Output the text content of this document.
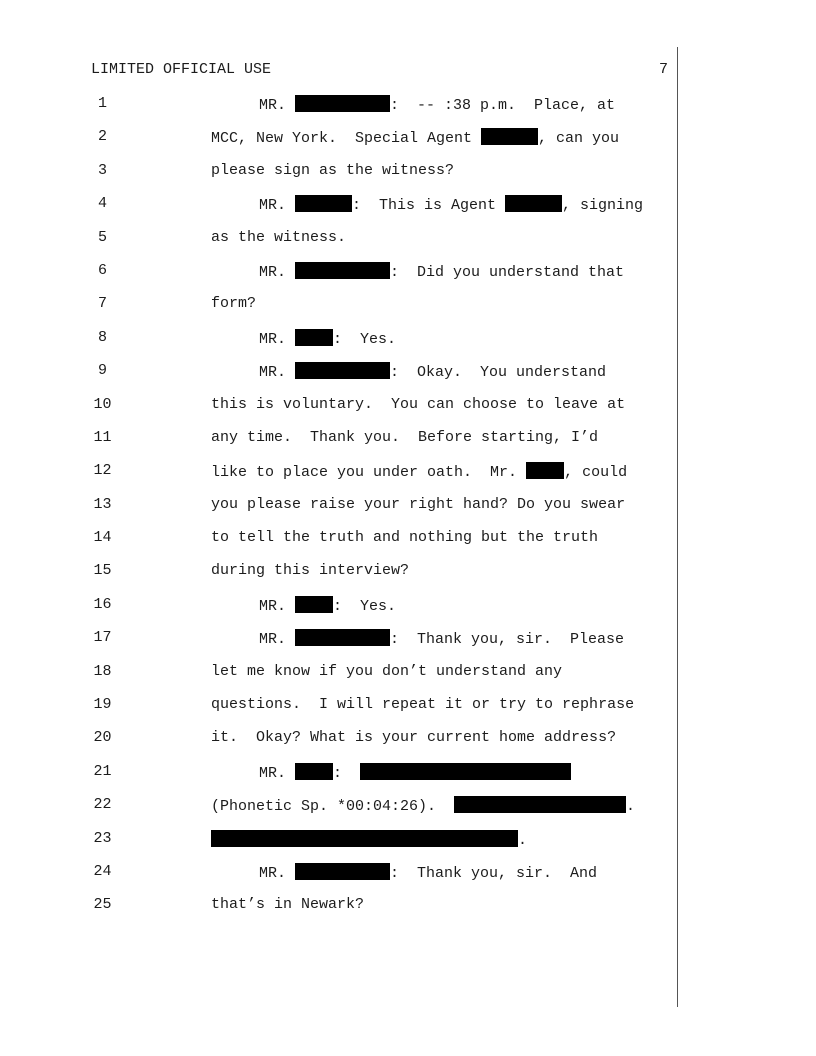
LIMITED OFFICIAL USE	7
1	MR.	:  -- :38 p.m.  Place, at
2	MCC, New York.  Special Agent	, can you
3	please sign as the witness?
4	MR.	:  This is Agent	, signing
5	as the witness.
6	MR.	:  Did you understand that
7	form?
8	MR.	:  Yes.
9	MR.	:  Okay.  You understand
10	this is voluntary.  You can choose to leave at
11	any time.  Thank you.  Before starting, I’d
12	like to place you under oath.  Mr.	, could
13	you please raise your right hand? Do you swear
14	to tell the truth and nothing but the truth
15	during this interview?
16	MR.	:  Yes.
17	MR.	:  Thank you, sir.  Please
18	let me know if you don’t understand any
19	questions.  I will repeat it or try to rephrase
20	it.  Okay? What is your current home address?
21	MR.	:
22	(Phonetic Sp. *00:04:26).	.
23	.
24	MR.	:  Thank you, sir.  And
25	that’s in Newark?
